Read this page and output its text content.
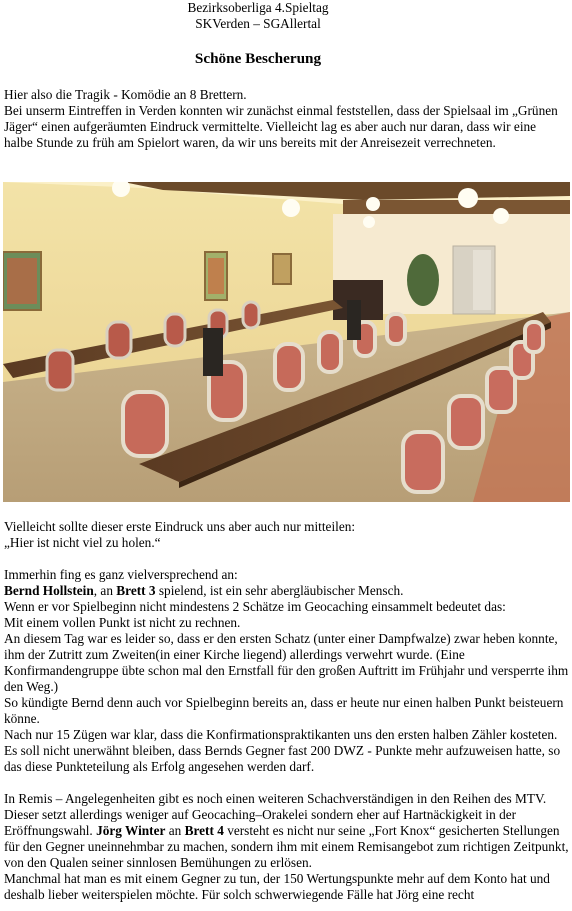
Bezirksoberliga 4.Spieltag
SKVerden – SGAllertal
Schöne Bescherung

Hier also die Tragik - Komödie an 8 Brettern.

Bei unserm Eintreffen in Verden konnten wir zunächst einmal feststellen, dass der Spielsaal im „Grünen Jäger“ einen aufgeräumten Eindruck vermittelte. Vielleicht lag es aber auch nur daran, dass wir eine halbe Stunde zu früh am Spielort waren, da wir uns bereits mit der Anreisezeit verrechneten.

Vielleicht sollte dieser erste Eindruck uns aber auch nur mitteilen:

„Hier ist nicht viel zu holen.“

Immerhin fing es ganz vielversprechend an:

Bernd Hollstein, an Brett 3 spielend, ist ein sehr abergläubischer Mensch.

Wenn er vor Spielbeginn nicht mindestens 2 Schätze im Geocaching einsammelt bedeutet das:

Mit einem vollen Punkt ist nicht zu rechnen.

An diesem Tag war es leider so, dass er den ersten Schatz (unter einer Dampfwalze) zwar heben konnte, ihm der Zutritt zum Zweiten(in einer Kirche liegend) allerdings verwehrt wurde. (Eine Konfirmandengruppe übte schon mal den Ernstfall für den großen Auftritt im Frühjahr und versperrte ihm den Weg.)

So kündigte Bernd denn auch vor Spielbeginn bereits an, dass er heute nur einen halben Punkt beisteuern könne.

Nach nur 15 Zügen war klar, dass die Konfirmationspraktikanten uns den ersten halben Zähler kosteten. Es soll nicht unerwähnt bleiben, dass Bernds Gegner fast 200 DWZ - Punkte mehr aufzuweisen hatte, so das diese Punkteteilung als Erfolg angesehen werden darf.

In Remis – Angelegenheiten gibt es noch einen weiteren Schachverständigen in den Reihen des MTV. Dieser setzt allerdings weniger auf Geocaching–Orakelei sondern eher auf Hartnäckigkeit in der Eröffnungswahl. Jörg Winter an Brett 4 versteht es nicht nur seine „Fort Knox“ gesicherten Stellungen für den Gegner uneinnehmbar zu machen, sondern ihm mit einem Remisangebot zum richtigen Zeitpunkt, von den Qualen seiner sinnlosen Bemühungen zu erlösen.

Manchmal hat man es mit einem Gegner zu tun, der 150 Wertungspunkte mehr auf dem Konto hat und deshalb lieber weiterspielen möchte. Für solch schwerwiegende Fälle hat Jörg eine recht
